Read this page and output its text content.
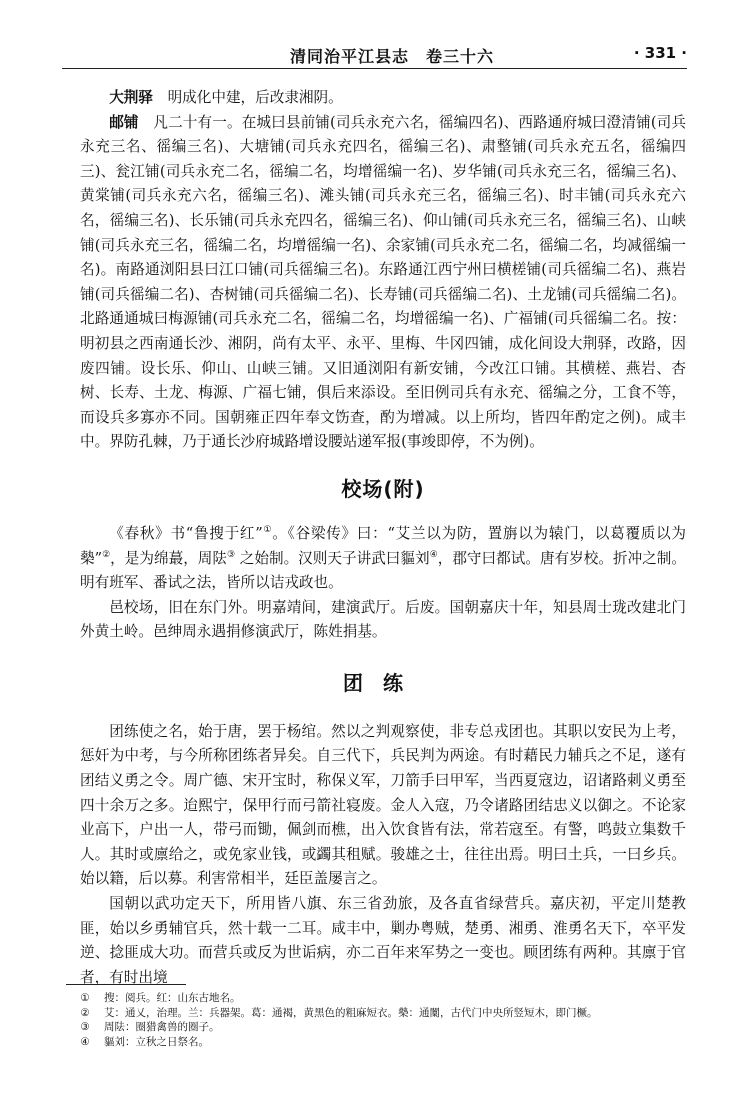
清同治平江县志　卷三十六	· 331 ·

大荆驿　明成化中建，后改隶湘阴。

邮铺　凡二十有一。在城曰县前铺(司兵永充六名，徭编四名)、西路通府城曰澄清铺(司兵永充三名、徭编三名)、大塘铺(司兵永充四名，徭编三名)、肃整铺(司兵永充五名，徭编四三)、瓮江铺(司兵永充二名，徭编二名，均增徭编一名)、岁华铺(司兵永充三名，徭编三名)、黄棠铺(司兵永充六名，徭编三名)、滩头铺(司兵永充三名，徭编三名)、时丰铺(司兵永充六名，徭编三名)、长乐铺(司兵永充四名，徭编三名)、仰山铺(司兵永充三名，徭编三名)、山峡铺(司兵永充三名，徭编二名，均增徭编一名)、余家铺(司兵永充二名，徭编二名，均减徭编一名)。南路通浏阳县曰江口铺(司兵徭编三名)。东路通江西宁州曰横槎铺(司兵徭编二名)、燕岩铺(司兵徭编二名)、杏树铺(司兵徭编二名)、长寿铺(司兵徭编二名)、土龙铺(司兵徭编二名)。北路通通城曰梅源铺(司兵永充二名，徭编二名，均增徭编一名)、广福铺(司兵徭编二名。按：明初县之西南通长沙、湘阴，尚有太平、永平、里梅、牛冈四铺，成化间设大荆驿，改路，因废四铺。设长乐、仰山、山峡三铺。又旧通浏阳有新安铺，今改江口铺。其横槎、燕岩、杏树、长寿、土龙、梅源、广福七铺，俱后来添设。至旧例司兵有永充、徭编之分，工食不等，而设兵多寡亦不同。国朝雍正四年奉文饬查，酌为增减。以上所均，皆四年酌定之例)。咸丰中。界防孔棘，乃于通长沙府城路增设腰站递军报(事竣即停，不为例)。

校场(附)

《春秋》书“鲁搜于红”①。《谷梁传》曰：“艾兰以为防，置旃以为辕门，以葛覆质以为槷”②，是为绵蕞，周阹③ 之始制。汉则天子讲武曰貙刘④，郡守曰都试。唐有岁校。折冲之制。明有班军、番试之法，皆所以诘戎政也。

邑校场，旧在东门外。明嘉靖间，建演武厅。后废。国朝嘉庆十年，知县周士珑改建北门外黄土岭。邑绅周永遇捐修演武厅，陈姓捐基。

团练

团练使之名，始于唐，罢于杨绾。然以之判观察使，非专总戎团也。其职以安民为上考，惩奸为中考，与今所称团练者异矣。自三代下，兵民判为两途。有时藉民力辅兵之不足，遂有团结义勇之令。周广德、宋开宝时，称保义军，刀箭手曰甲军，当西夏寇边，诏诸路刺义勇至四十余万之多。迨熙宁，保甲行而弓箭社寝废。金人入寇，乃令诸路团结忠义以御之。不论家业高下，户出一人，带弓而锄，佩剑而樵，出入饮食皆有法，常若寇至。有警，鸣鼓立集数千人。其时或廪给之，或免家业钱，或蠲其租赋。骏雄之士，往往出焉。明曰土兵，一曰乡兵。始以籍，后以募。利害常相半，廷臣盖屡言之。

国朝以武功定天下，所用皆八旗、东三省劲旅，及各直省绿营兵。嘉庆初，平定川楚教匪，始以乡勇辅官兵，然十载一二耳。咸丰中，剿办粤贼，楚勇、湘勇、淮勇名天下，卒平发逆、捻匪成大功。而营兵或反为世诟病，亦二百年来军势之一变也。顾团练有两种。其廪于官者，有时出境

①	搜：阅兵。红：山东古地名。
②	艾：通乂，治理。兰：兵器架。葛：通褐，黄黑色的粗麻短衣。槷：通闑，古代门中央所竖短木，即门橛。
③	周阹：圈猎禽兽的圈子。
④	貙刘：立秋之日祭名。
